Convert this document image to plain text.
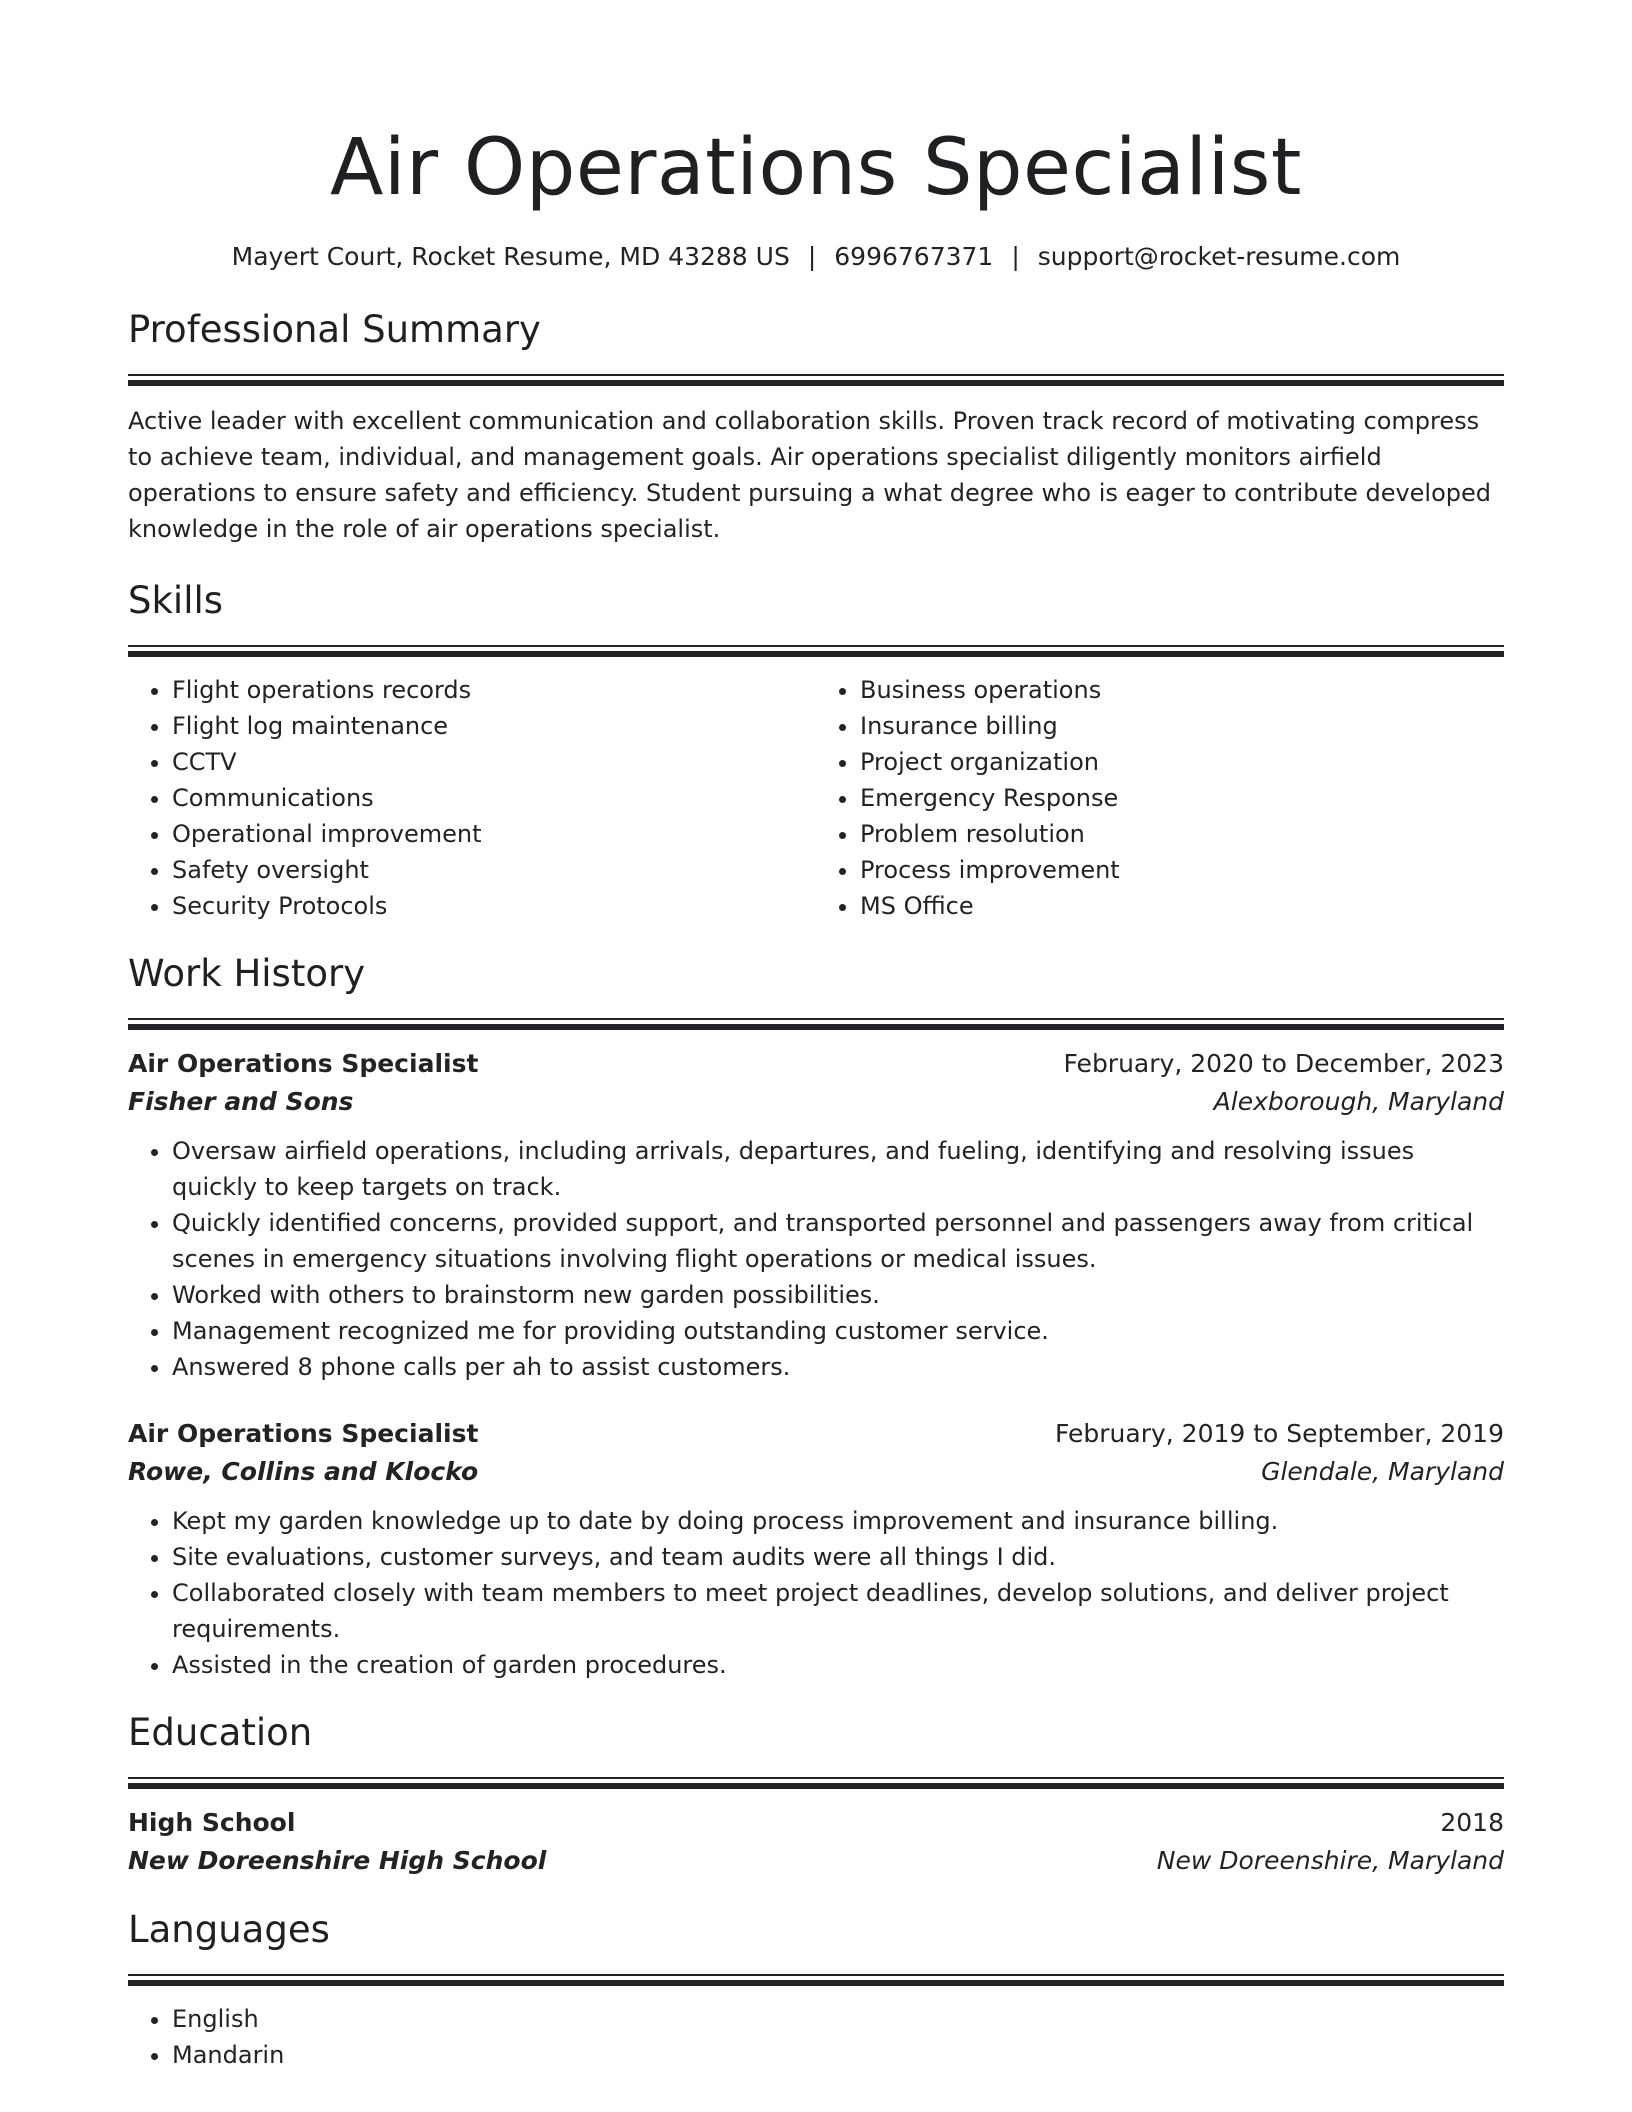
Air Operations Specialist
Mayert Court, Rocket Resume, MD 43288 US | 6996767371 | support@rocket-resume.com
Professional Summary
Active leader with excellent communication and collaboration skills. Proven track record of motivating compress to achieve team, individual, and management goals. Air operations specialist diligently monitors airfield operations to ensure safety and efficiency. Student pursuing a what degree who is eager to contribute developed knowledge in the role of air operations specialist.
Skills
• Flight operations records
• Flight log maintenance
• CCTV
• Communications
• Operational improvement
• Safety oversight
• Security Protocols
• Business operations
• Insurance billing
• Project organization
• Emergency Response
• Problem resolution
• Process improvement
• MS Office
Work History
Air Operations Specialist	February, 2020 to December, 2023
Fisher and Sons	Alexborough, Maryland
• Oversaw airfield operations, including arrivals, departures, and fueling, identifying and resolving issues quickly to keep targets on track.
• Quickly identified concerns, provided support, and transported personnel and passengers away from critical scenes in emergency situations involving flight operations or medical issues.
• Worked with others to brainstorm new garden possibilities.
• Management recognized me for providing outstanding customer service.
• Answered 8 phone calls per ah to assist customers.
Air Operations Specialist	February, 2019 to September, 2019
Rowe, Collins and Klocko	Glendale, Maryland
• Kept my garden knowledge up to date by doing process improvement and insurance billing.
• Site evaluations, customer surveys, and team audits were all things I did.
• Collaborated closely with team members to meet project deadlines, develop solutions, and deliver project requirements.
• Assisted in the creation of garden procedures.
Education
High School	2018
New Doreenshire High School	New Doreenshire, Maryland
Languages
• English
• Mandarin
